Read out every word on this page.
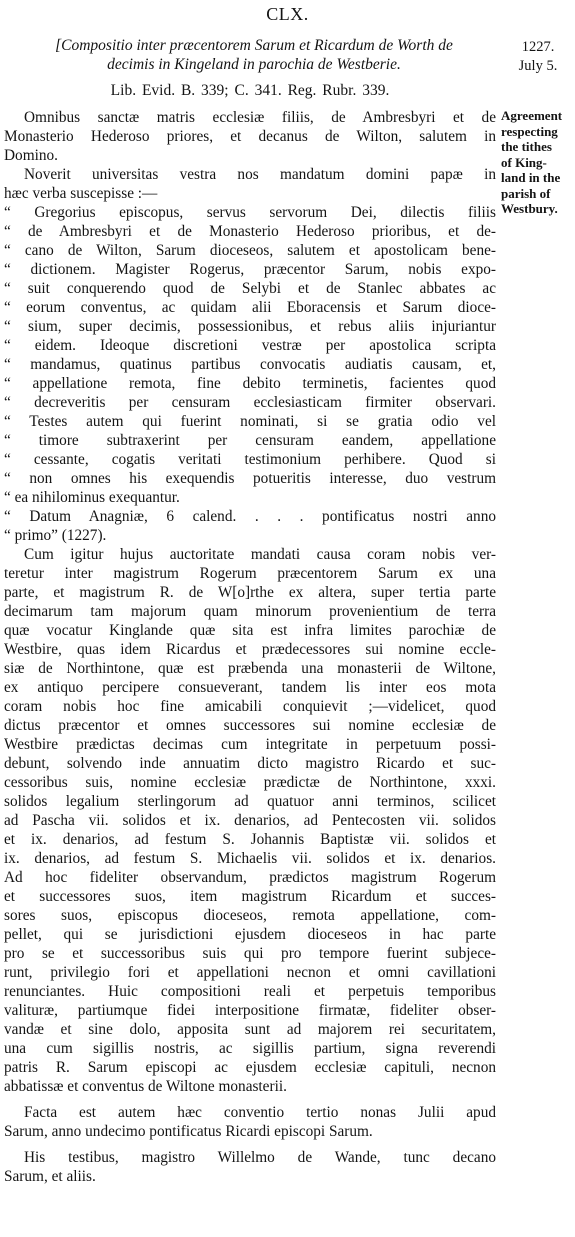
CLX.
[Compositio inter præcentorem Sarum et Ricardum de Worth de
decimis in Kingeland in parochia de Westberie.
1227.
July 5.
Lib. Evid. B. 339; C. 341. Reg. Rubr. 339.
Agreement
respecting
the tithes
of King-
land in the
parish of
Westbury.
Omnibus sanctæ matris ecclesiæ filiis, de Ambresbyri et de
Monasterio Hederoso priores, et decanus de Wilton, salutem in
Domino.
Noverit universitas vestra nos mandatum domini papæ in
hæc verba suscepisse :—
“ Gregorius episcopus, servus servorum Dei, dilectis filiis
“ de Ambresbyri et de Monasterio Hederoso prioribus, et de-
“ cano de Wilton, Sarum dioceseos, salutem et apostolicam bene-
“ dictionem. Magister Rogerus, præcentor Sarum, nobis expo-
“ suit conquerendo quod de Selybi et de Stanlec abbates ac
“ eorum conventus, ac quidam alii Eboracensis et Sarum dioce-
“ sium, super decimis, possessionibus, et rebus aliis injuriantur
“ eidem. Ideoque discretioni vestræ per apostolica scripta
“ mandamus, quatinus partibus convocatis audiatis causam, et,
“ appellatione remota, fine debito terminetis, facientes quod
“ decreveritis per censuram ecclesiasticam firmiter observari.
“ Testes autem qui fuerint nominati, si se gratia odio vel
“ timore subtraxerint per censuram eandem, appellatione
“ cessante, cogatis veritati testimonium perhibere. Quod si
“ non omnes his exequendis potueritis interesse, duo vestrum
“ ea nihilominus exequantur.
“ Datum Anagniæ, 6 calend. . . . pontificatus nostri anno
“ primo” (1227).
Cum igitur hujus auctoritate mandati causa coram nobis ver-
teretur inter magistrum Rogerum præcentorem Sarum ex una
parte, et magistrum R. de W[o]rthe ex altera, super tertia parte
decimarum tam majorum quam minorum provenientium de terra
quæ vocatur Kinglande quæ sita est infra limites parochiæ de
Westbire, quas idem Ricardus et prædecessores sui nomine eccle-
siæ de Northintone, quæ est præbenda una monasterii de Wiltone,
ex antiquo percipere consueverant, tandem lis inter eos mota
coram nobis hoc fine amicabili conquievit ;—videlicet, quod
dictus præcentor et omnes successores sui nomine ecclesiæ de
Westbire prædictas decimas cum integritate in perpetuum possi-
debunt, solvendo inde annuatim dicto magistro Ricardo et suc-
cessoribus suis, nomine ecclesiæ prædictæ de Northintone, xxxi.
solidos legalium sterlingorum ad quatuor anni terminos, scilicet
ad Pascha vii. solidos et ix. denarios, ad Pentecosten vii. solidos
et ix. denarios, ad festum S. Johannis Baptistæ vii. solidos et
ix. denarios, ad festum S. Michaelis vii. solidos et ix. denarios.
Ad hoc fideliter observandum, prædictos magistrum Rogerum
et successores suos, item magistrum Ricardum et succes-
sores suos, episcopus dioceseos, remota appellatione, com-
pellet, qui se jurisdictioni ejusdem dioceseos in hac parte
pro se et successoribus suis qui pro tempore fuerint subjece-
runt, privilegio fori et appellationi necnon et omni cavillationi
renunciantes. Huic compositioni reali et perpetuis temporibus
valituræ, partiumque fidei interpositione firmatæ, fideliter obser-
vandæ et sine dolo, apposita sunt ad majorem rei securitatem,
una cum sigillis nostris, ac sigillis partium, signa reverendi
patris R. Sarum episcopi ac ejusdem ecclesiæ capituli, necnon
abbatissæ et conventus de Wiltone monasterii.
Facta est autem hæc conventio tertio nonas Julii apud
Sarum, anno undecimo pontificatus Ricardi episcopi Sarum.
His testibus, magistro Willelmo de Wande, tunc decano
Sarum, et aliis.
